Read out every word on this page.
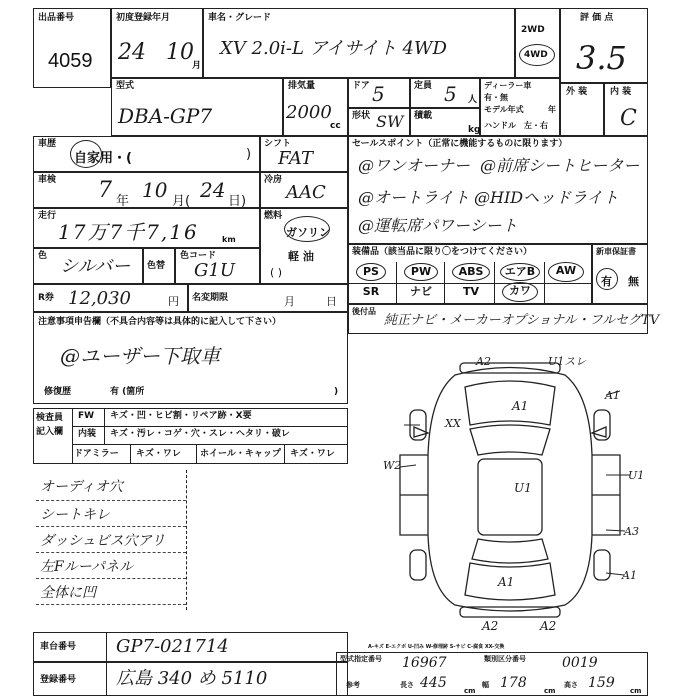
出品番号
4059
初度登録年月
24 10
月
車名・グレード
XV 2.0i-L アイサイト 4WD
2WD
4WD
評 価 点
3.5
型式
DBA-GP7
排気量
2000
cc
ドア 5	定員 5 人
形状 SW 積載
kg
ディーラー車
有・無
モデル年式	年
ハンドル 左・右
外 装	内 装
C
車歴
自家用・(	)
シフト
FAT
車検 7 年 10 月( 24 日)
冷房
AAC
走行
17万7千7,16	km
燃料
ガソリン
軽 油
( )
色 シルバー 色替
色コード
G1U
R券 12,030	円 名変期限	月	日
注意事項申告欄（不具合内容等は具体的に記入して下さい）
@ユーザー下取車
修復歴	有 (箇所	)
セールスポイント（正常に機能するものに限ります）
@ワンオーナー @前席シートヒーター
@オートライト @HIDヘッドライト
@運転席パワーシート
装備品（該当品に限り〇をつけてください）
PS	PW	ABS	エアB	AW
SR	ナビ	TV	カワ
新車保証書
有 無
後付品
純正ナビ・メーカーオプショナル・フルセグTV
検査員
記入欄
FW キズ・凹・ヒビ割・リペア跡・X要
内装 キズ・汚レ・コゲ・穴・スレ・ヘタリ・破レ
ドアミラー キズ・ワレ ホイール・キャップ キズ・ワレ
オーディオ穴
シートキレ
ダッシュビス穴アリ
左Fルーパネル
全体に凹
A2	U1スレ
A1
XX
A1
W2
U1
U1
A3
A1	A1
A2	A2
A-キズ E-エクボ U-凹み W-修理跡 S-サビ C-腐食 XX-交換
車台番号 GP7-021714
登録番号 広島 340 め 5110
型式指定番号 16967	類別区分番号	0019
参考	長さ 445 cm
幅 178 cm
高さ 159 cm
